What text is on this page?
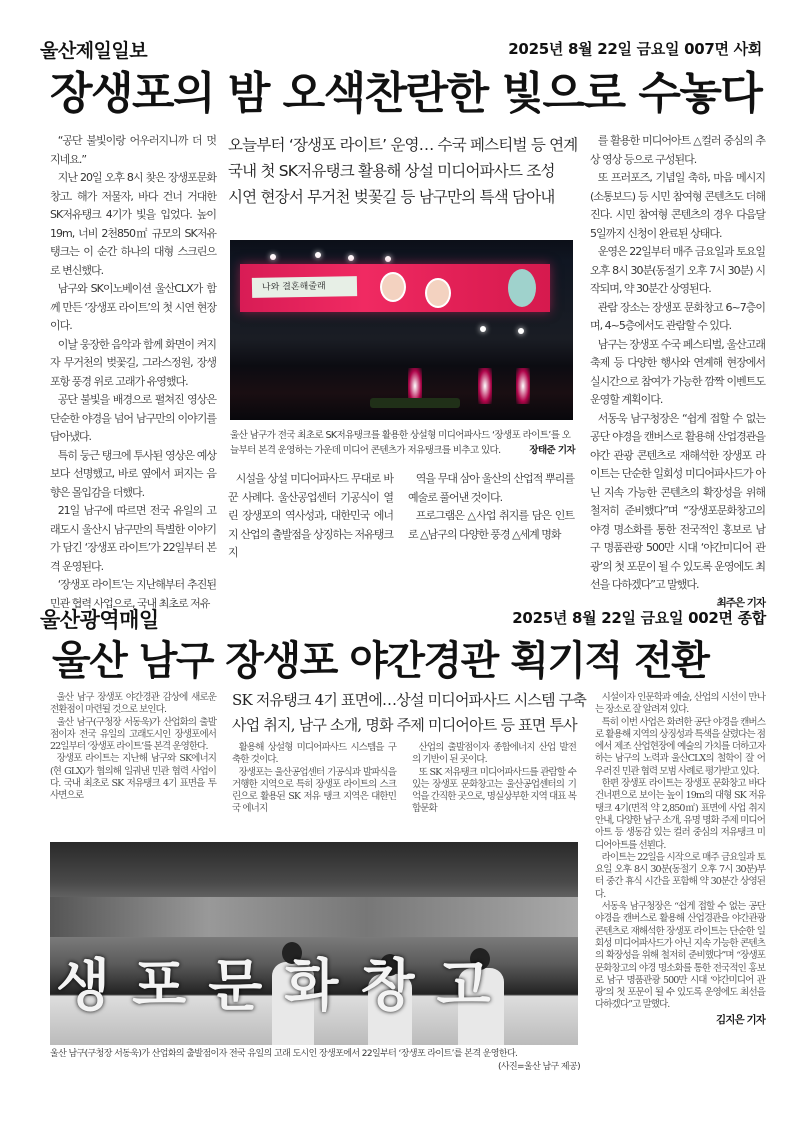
울산제일일보	2025년 8월 22일 금요일 007면 사회
장생포의 밤 오색찬란한 빛으로 수놓다

“공단 불빛이랑 어우러지니까 더 멋지네요.”

지난 20일 오후 8시 찾은 장생포문화창고. 해가 저물자, 바다 건너 거대한 SK저유탱크 4기가 빛을 입었다. 높이 19m, 너비 2천850㎡ 규모의 SK저유탱크는 이 순간 하나의 대형 스크린으로 변신했다.

남구와 SK이노베이션 울산CLX가 함께 만든 ‘장생포 라이트’의 첫 시연 현장이다.

이날 웅장한 음악과 함께 화면이 켜지자 무거천의 벚꽃길, 그라스정원, 장생포항 풍경 위로 고래가 유영했다.

공단 불빛을 배경으로 펼쳐진 영상은 단순한 야경을 넘어 남구만의 이야기를 담아냈다.

특히 둥근 탱크에 투사된 영상은 예상보다 선명했고, 바로 옆에서 퍼지는 음향은 몰입감을 더했다.

21일 남구에 따르면 전국 유일의 고래도시 울산시 남구만의 특별한 이야기가 담긴 ‘장생포 라이트’가 22일부터 본격 운영된다.

‘장생포 라이트’는 지난해부터 추진된 민관 협력 사업으로, 국내 최초로 저유

오늘부터 ‘장생포 라이트’ 운영… 수국 페스티벌 등 연계
국내 첫 SK저유탱크 활용해 상설 미디어파사드 조성
시연 현장서 무거천 벚꽃길 등 남구만의 특색 담아내
나와 결혼해줄래
울산 남구가 전국 최초로 SK저유탱크를 활용한 상설형 미디어파사드 ‘장생포 라이트’를 오늘부터 본격 운영하는 가운데 미디어 콘텐츠가 저유탱크를 비추고 있다.	장태준 기자

시설을 상설 미디어파사드 무대로 바꾼 사례다. 울산공업센터 기공식이 열린 장생포의 역사성과, 대한민국 에너지 산업의 출발점을 상징하는 저유탱크 지

역을 무대 삼아 울산의 산업적 뿌리를 예술로 풀어낸 것이다.

프로그램은 △사업 취지를 담은 인트로 △남구의 다양한 풍경 △세계 명화

를 활용한 미디어아트 △컬러 중심의 추상 영상 등으로 구성된다.

또 프러포즈, 기념일 축하, 마음 메시지(소통보드) 등 시민 참여형 콘텐츠도 더해진다. 시민 참여형 콘텐츠의 경우 다음달 5일까지 신청이 완료된 상태다.

운영은 22일부터 매주 금요일과 토요일 오후 8시 30분(동절기 오후 7시 30분) 시작되며, 약 30분간 상영된다.

관람 장소는 장생포 문화창고 6~7층이며, 4~5층에서도 관람할 수 있다.

남구는 장생포 수국 페스티벌, 울산고래축제 등 다양한 행사와 연계해 현장에서 실시간으로 참여가 가능한 깜짝 이벤트도 운영할 계획이다.

서동욱 남구청장은 “쉽게 접할 수 없는 공단 야경을 캔버스로 활용해 산업경관을 야간 관광 콘텐츠로 재해석한 장생포 라이트는 단순한 일회성 미디어파사드가 아닌 지속 가능한 콘텐츠의 확장성을 위해 철저히 준비했다”며 “장생포문화창고의 야경 명소화를 통한 전국적인 홍보로 남구 명품관광 500만 시대 ‘야간미디어 관광’의 첫 포문이 될 수 있도록 운영에도 최선을 다하겠다”고 말했다.

최주은 기자
울산광역매일	2025년 8월 22일 금요일 002면 종합
울산 남구 장생포 야간경관 획기적 전환

울산 남구 장생포 야간경관 감상에 새로운 전환점이 마련될 것으로 보인다.

울산 남구(구청장 서동욱)가 산업화의 출발점이자 전국 유일의 고래도시인 장생포에서 22일부터 ‘장생포 라이트’를 본격 운영한다.

장생포 라이트는 지난해 남구와 SK에너지(현 GLX)가 협의해 일궈낸 민관 협력 사업이다. 국내 최초로 SK 저유탱크 4기 표면을 투사면으로

SK 저유탱크 4기 표면에…상설 미디어파사드 시스템 구축
사업 취지, 남구 소개, 명화 주제 미디어아트 등 표면 투사

활용해 상설형 미디어파사드 시스템을 구축한 것이다.

장생포는 울산공업센터 기공식과 발파식을 거행한 지역으로 특히 장생포 라이트의 스크린으로 활용된 SK 저유 탱크 지역은 대한민국 에너지

산업의 출발점이자 종합에너지 산업 발전의 기반이 된 곳이다.

또 SK 저유탱크 미디어파사드를 관람할 수 있는 장생포 문화창고는 울산공업센터의 기억을 간직한 곳으로, 명실상부한 지역 대표 복합문화

시설이자 인문학과 예술, 산업의 시선이 만나는 장소로 잘 알려져 있다.

특히 이번 사업은 화려한 공단 야경을 캔버스로 활용해 지역의 상징성과 특색을 살렸다는 점에서 제조 산업현장에 예술의 가치를 더하고자 하는 남구의 노력과 울산CLX의 철학이 잘 어우러진 민관 협력 모범 사례로 평가받고 있다.

한편 장생포 라이트는 장생포 문화창고 바다 건너편으로 보이는 높이 19m의 대형 SK 저유탱크 4기(면적 약 2,850㎡) 표면에 사업 취지 안내, 다양한 남구 소개, 유명 명화 주제 미디어 아트 등 생동감 있는 컬러 중심의 저유탱크 미디어아트를 선뵌다.

라이트는 22일을 시작으로 매주 금요일과 토요일 오후 8시 30분(동절기 오후 7시 30분)부터 중간 휴식 시간을 포함해 약 30분간 상영된다.

서동욱 남구청장은 “쉽게 접할 수 없는 공단 야경을 캔버스로 활용해 산업경관을 야간관광 콘텐츠로 재해석한 장생포 라이트는 단순한 일회성 미디어파사드가 아닌 지속 가능한 콘텐츠의 확장성을 위해 철저히 준비했다”며 “장생포 문화창고의 야경 명소화를 통한 전국적인 홍보로 남구 명품관광 500만 시대 ‘야간미디어 관광’의 첫 포문이 될 수 있도록 운영에도 최선을 다하겠다”고 말했다.

김지은 기자
생포문화창고
울산 남구(구청장 서동욱)가 산업화의 출발점이자 전국 유일의 고래 도시인 장생포에서 22일부터 ‘장생포 라이트’를 본격 운영한다.
(사진=울산 남구 제공)
